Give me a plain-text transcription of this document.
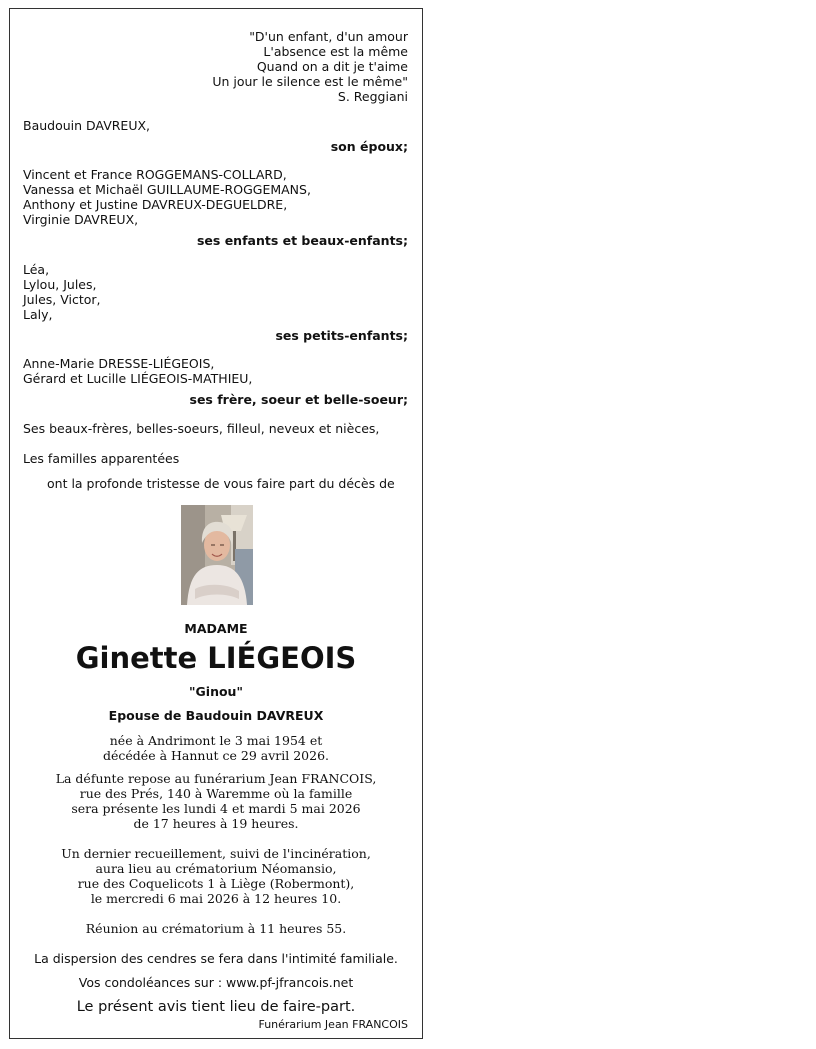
"D'un enfant, d'un amour
L'absence est la même
Quand on a dit je t'aime
Un jour le silence est le même"
S. Reggiani
Baudouin DAVREUX,
son époux;
Vincent et France ROGGEMANS-COLLARD,
Vanessa et Michaël GUILLAUME-ROGGEMANS,
Anthony et Justine DAVREUX-DEGUELDRE,
Virginie DAVREUX,
ses enfants et beaux-enfants;
Léa,
Lylou, Jules,
Jules, Victor,
Laly,
ses petits-enfants;
Anne-Marie DRESSE-LIÉGEOIS,
Gérard et Lucille LIÉGEOIS-MATHIEU,
ses frère, soeur et belle-soeur;
Ses beaux-frères, belles-soeurs, filleul, neveux et nièces,
Les familles apparentées
ont la profonde tristesse de vous faire part du décès de
MADAME
Ginette LIÉGEOIS
"Ginou"
Epouse de Baudouin DAVREUX
née à Andrimont le 3 mai 1954 et
décédée à Hannut ce 29 avril 2026.
La défunte repose au funérarium Jean FRANCOIS,
rue des Prés, 140 à Waremme où la famille
sera présente les lundi 4 et mardi 5 mai 2026
de 17 heures à 19 heures.
Un dernier recueillement, suivi de l'incinération,
aura lieu au crématorium Néomansio,
rue des Coquelicots 1 à Liège (Robermont),
le mercredi 6 mai 2026 à 12 heures 10.
Réunion au crématorium à 11 heures 55.
La dispersion des cendres se fera dans l'intimité familiale.
Vos condoléances sur : www.pf-jfrancois.net
Le présent avis tient lieu de faire-part.
Funérarium Jean FRANCOIS
